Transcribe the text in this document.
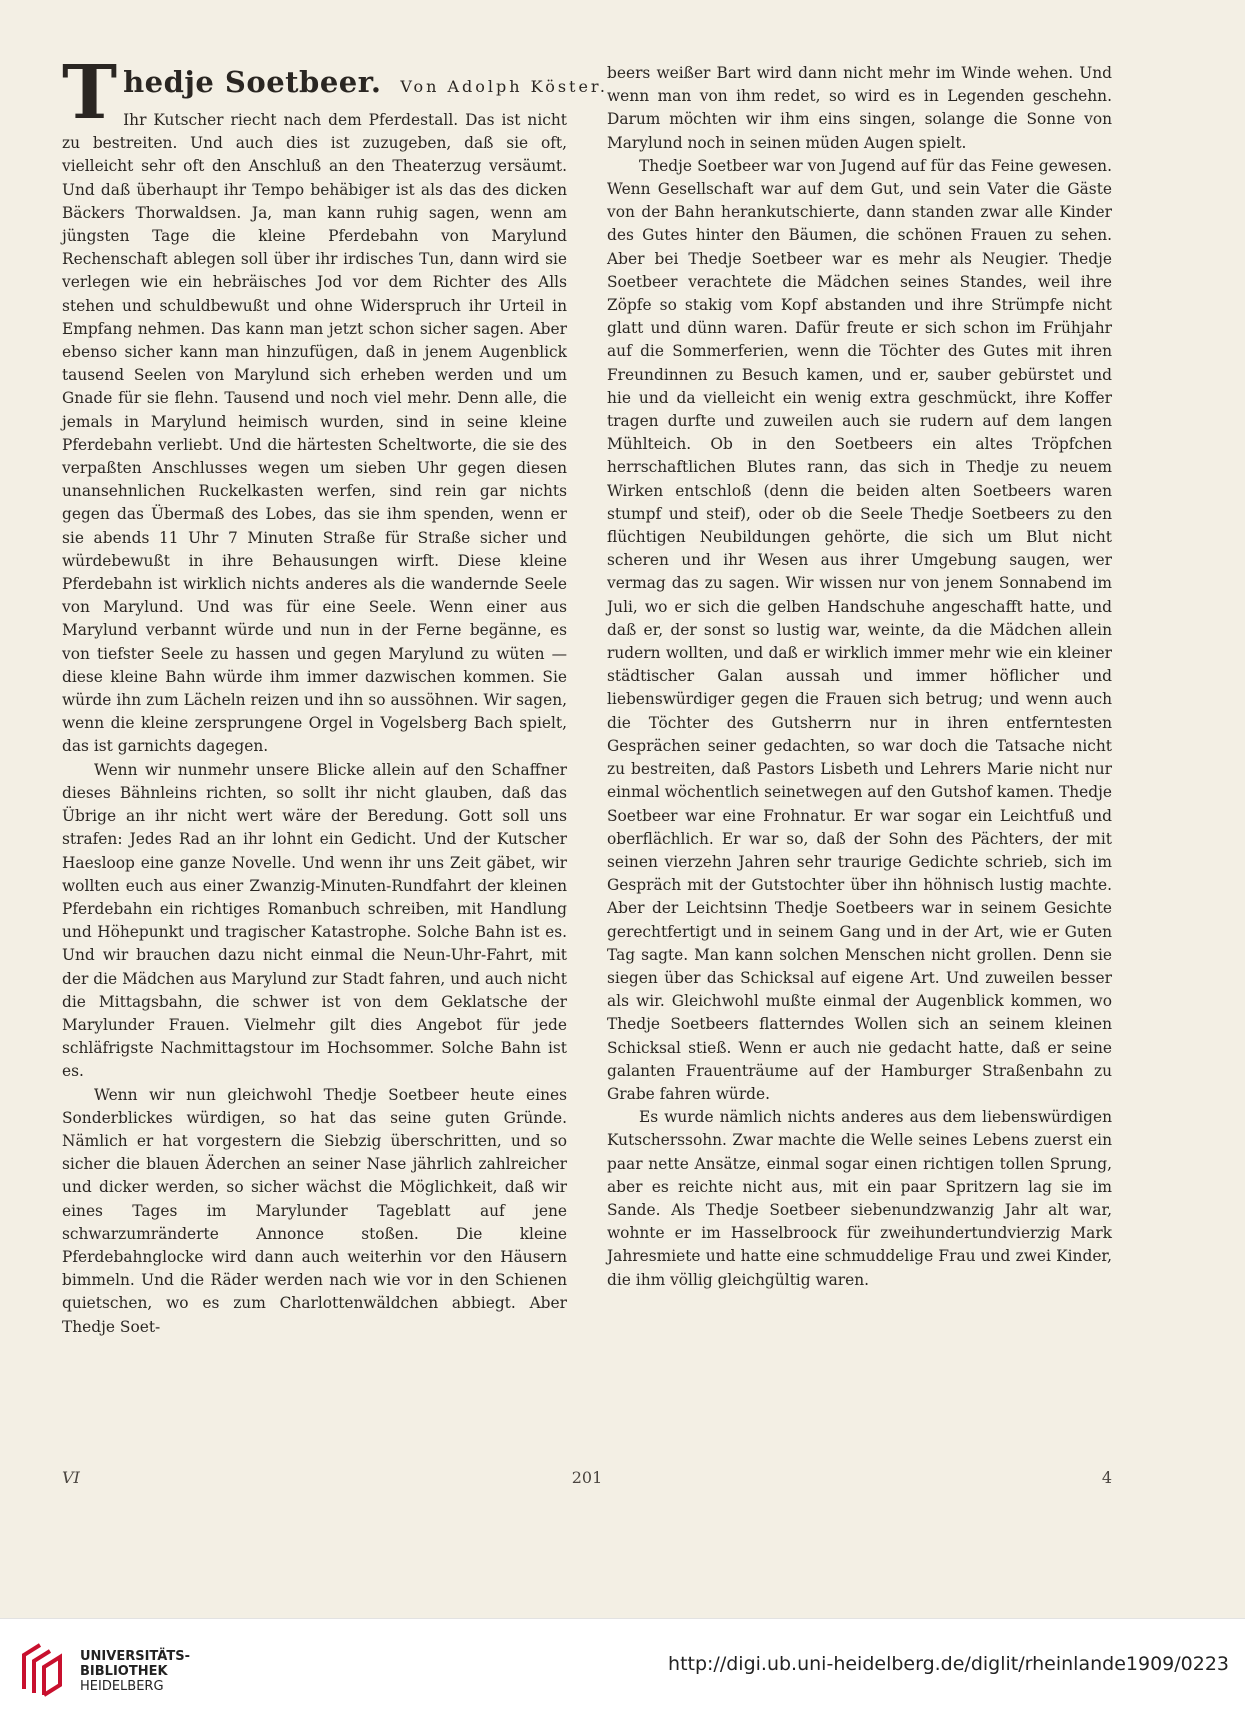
T hedje Soetbeer. Von Adolph Köster.

Ihr Kutscher riecht nach dem Pferdestall. Das ist nicht zu bestreiten. Und auch dies ist zuzugeben, daß sie oft, vielleicht sehr oft den Anschluß an den Theaterzug versäumt. Und daß überhaupt ihr Tempo behäbiger ist als das des dicken Bäckers Thorwaldsen. Ja, man kann ruhig sagen, wenn am jüngsten Tage die kleine Pferdebahn von Marylund Rechenschaft ablegen soll über ihr irdisches Tun, dann wird sie verlegen wie ein hebräisches Jod vor dem Richter des Alls stehen und schuldbewußt und ohne Widerspruch ihr Urteil in Empfang nehmen. Das kann man jetzt schon sicher sagen. Aber ebenso sicher kann man hinzufügen, daß in jenem Augenblick tausend Seelen von Marylund sich erheben werden und um Gnade für sie flehn. Tausend und noch viel mehr. Denn alle, die jemals in Marylund heimisch wurden, sind in seine kleine Pferdebahn verliebt. Und die härtesten Scheltworte, die sie des verpaßten Anschlusses wegen um sieben Uhr gegen diesen unansehnlichen Ruckelkasten werfen, sind rein gar nichts gegen das Übermaß des Lobes, das sie ihm spenden, wenn er sie abends 11 Uhr 7 Minuten Straße für Straße sicher und würdebewußt in ihre Behausungen wirft. Diese kleine Pferdebahn ist wirklich nichts anderes als die wandernde Seele von Marylund. Und was für eine Seele. Wenn einer aus Marylund verbannt würde und nun in der Ferne begänne, es von tiefster Seele zu hassen und gegen Marylund zu wüten — diese kleine Bahn würde ihm immer dazwischen kommen. Sie würde ihn zum Lächeln reizen und ihn so aussöhnen. Wir sagen, wenn die kleine zersprungene Orgel in Vogelsberg Bach spielt, das ist garnichts dagegen.

Wenn wir nunmehr unsere Blicke allein auf den Schaffner dieses Bähnleins richten, so sollt ihr nicht glauben, daß das Übrige an ihr nicht wert wäre der Beredung. Gott soll uns strafen: Jedes Rad an ihr lohnt ein Gedicht. Und der Kutscher Haesloop eine ganze Novelle. Und wenn ihr uns Zeit gäbet, wir wollten euch aus einer Zwanzig-Minuten-Rundfahrt der kleinen Pferdebahn ein richtiges Romanbuch schreiben, mit Handlung und Höhepunkt und tragischer Katastrophe. Solche Bahn ist es. Und wir brauchen dazu nicht einmal die Neun-Uhr-Fahrt, mit der die Mädchen aus Marylund zur Stadt fahren, und auch nicht die Mittagsbahn, die schwer ist von dem Geklatsche der Marylunder Frauen. Vielmehr gilt dies Angebot für jede schläfrigste Nachmittagstour im Hochsommer. Solche Bahn ist es.

Wenn wir nun gleichwohl Thedje Soetbeer heute eines Sonderblickes würdigen, so hat das seine guten Gründe. Nämlich er hat vorgestern die Siebzig überschritten, und so sicher die blauen Äderchen an seiner Nase jährlich zahlreicher und dicker werden, so sicher wächst die Möglichkeit, daß wir eines Tages im Marylunder Tageblatt auf jene schwarzumränderte Annonce stoßen. Die kleine Pferdebahnglocke wird dann auch weiterhin vor den Häusern bimmeln. Und die Räder werden nach wie vor in den Schienen quietschen, wo es zum Charlottenwäldchen abbiegt. Aber Thedje Soet-

beers weißer Bart wird dann nicht mehr im Winde wehen. Und wenn man von ihm redet, so wird es in Legenden geschehn. Darum möchten wir ihm eins singen, solange die Sonne von Marylund noch in seinen müden Augen spielt.

Thedje Soetbeer war von Jugend auf für das Feine gewesen. Wenn Gesellschaft war auf dem Gut, und sein Vater die Gäste von der Bahn herankutschierte, dann standen zwar alle Kinder des Gutes hinter den Bäumen, die schönen Frauen zu sehen. Aber bei Thedje Soetbeer war es mehr als Neugier. Thedje Soetbeer verachtete die Mädchen seines Standes, weil ihre Zöpfe so stakig vom Kopf abstanden und ihre Strümpfe nicht glatt und dünn waren. Dafür freute er sich schon im Frühjahr auf die Sommerferien, wenn die Töchter des Gutes mit ihren Freundinnen zu Besuch kamen, und er, sauber gebürstet und hie und da vielleicht ein wenig extra geschmückt, ihre Koffer tragen durfte und zuweilen auch sie rudern auf dem langen Mühlteich. Ob in den Soetbeers ein altes Tröpfchen herrschaftlichen Blutes rann, das sich in Thedje zu neuem Wirken entschloß (denn die beiden alten Soetbeers waren stumpf und steif), oder ob die Seele Thedje Soetbeers zu den flüchtigen Neubildungen gehörte, die sich um Blut nicht scheren und ihr Wesen aus ihrer Umgebung saugen, wer vermag das zu sagen. Wir wissen nur von jenem Sonnabend im Juli, wo er sich die gelben Handschuhe angeschafft hatte, und daß er, der sonst so lustig war, weinte, da die Mädchen allein rudern wollten, und daß er wirklich immer mehr wie ein kleiner städtischer Galan aussah und immer höflicher und liebenswürdiger gegen die Frauen sich betrug; und wenn auch die Töchter des Gutsherrn nur in ihren entferntesten Gesprächen seiner gedachten, so war doch die Tatsache nicht zu bestreiten, daß Pastors Lisbeth und Lehrers Marie nicht nur einmal wöchentlich seinetwegen auf den Gutshof kamen. Thedje Soetbeer war eine Frohnatur. Er war sogar ein Leichtfuß und oberflächlich. Er war so, daß der Sohn des Pächters, der mit seinen vierzehn Jahren sehr traurige Gedichte schrieb, sich im Gespräch mit der Gutstochter über ihn höhnisch lustig machte. Aber der Leichtsinn Thedje Soetbeers war in seinem Gesichte gerechtfertigt und in seinem Gang und in der Art, wie er Guten Tag sagte. Man kann solchen Menschen nicht grollen. Denn sie siegen über das Schicksal auf eigene Art. Und zuweilen besser als wir. Gleichwohl mußte einmal der Augenblick kommen, wo Thedje Soetbeers flatterndes Wollen sich an seinem kleinen Schicksal stieß. Wenn er auch nie gedacht hatte, daß er seine galanten Frauenträume auf der Hamburger Straßenbahn zu Grabe fahren würde.

Es wurde nämlich nichts anderes aus dem liebenswürdigen Kutscherssohn. Zwar machte die Welle seines Lebens zuerst ein paar nette Ansätze, einmal sogar einen richtigen tollen Sprung, aber es reichte nicht aus, mit ein paar Spritzern lag sie im Sande. Als Thedje Soetbeer siebenundzwanzig Jahr alt war, wohnte er im Hasselbroock für zweihundertundvierzig Mark Jahresmiete und hatte eine schmuddelige Frau und zwei Kinder, die ihm völlig gleichgültig waren.

VI	201	4
UNIVERSITÄTS-
BIBLIOTHEK
HEIDELBERG
http://digi.ub.uni-heidelberg.de/diglit/rheinlande1909/0223
